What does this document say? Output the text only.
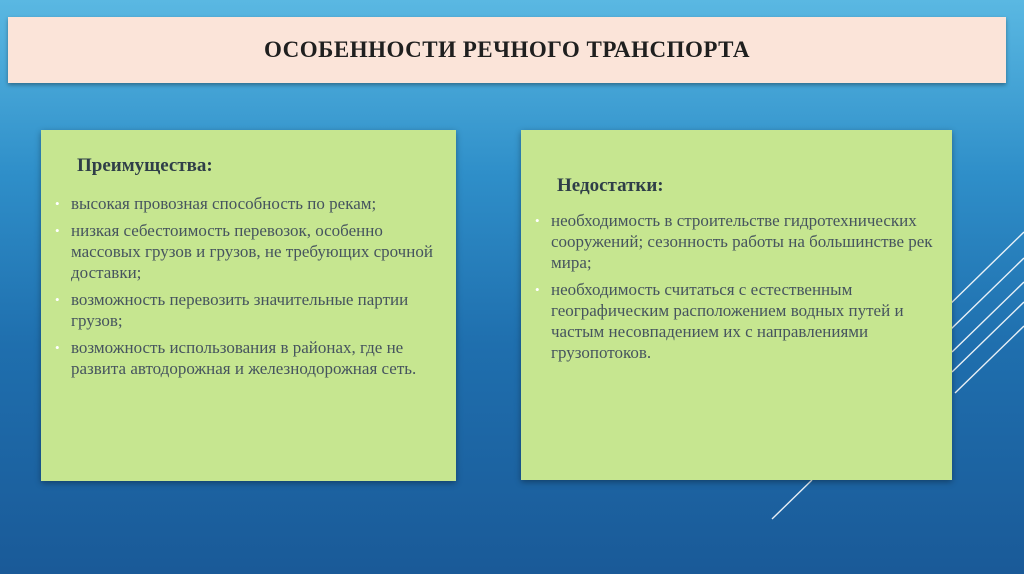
ОСОБЕННОСТИ РЕЧНОГО ТРАНСПОРТА
Преимущества:
• высокая провозная способность по рекам;
• низкая себестоимость перевозок, особенно массовых грузов и грузов, не требующих срочной доставки;
• возможность перевозить значительные партии грузов;
• возможность использования в районах, где не развита автодорожная и железнодорожная сеть.
Недостатки:
• необходимость в строительстве гидротехнических сооружений; сезонность работы на большинстве рек мира;
• необходимость считаться с естественным географическим расположением водных путей и частым несовпадением их с направлениями грузопотоков.
